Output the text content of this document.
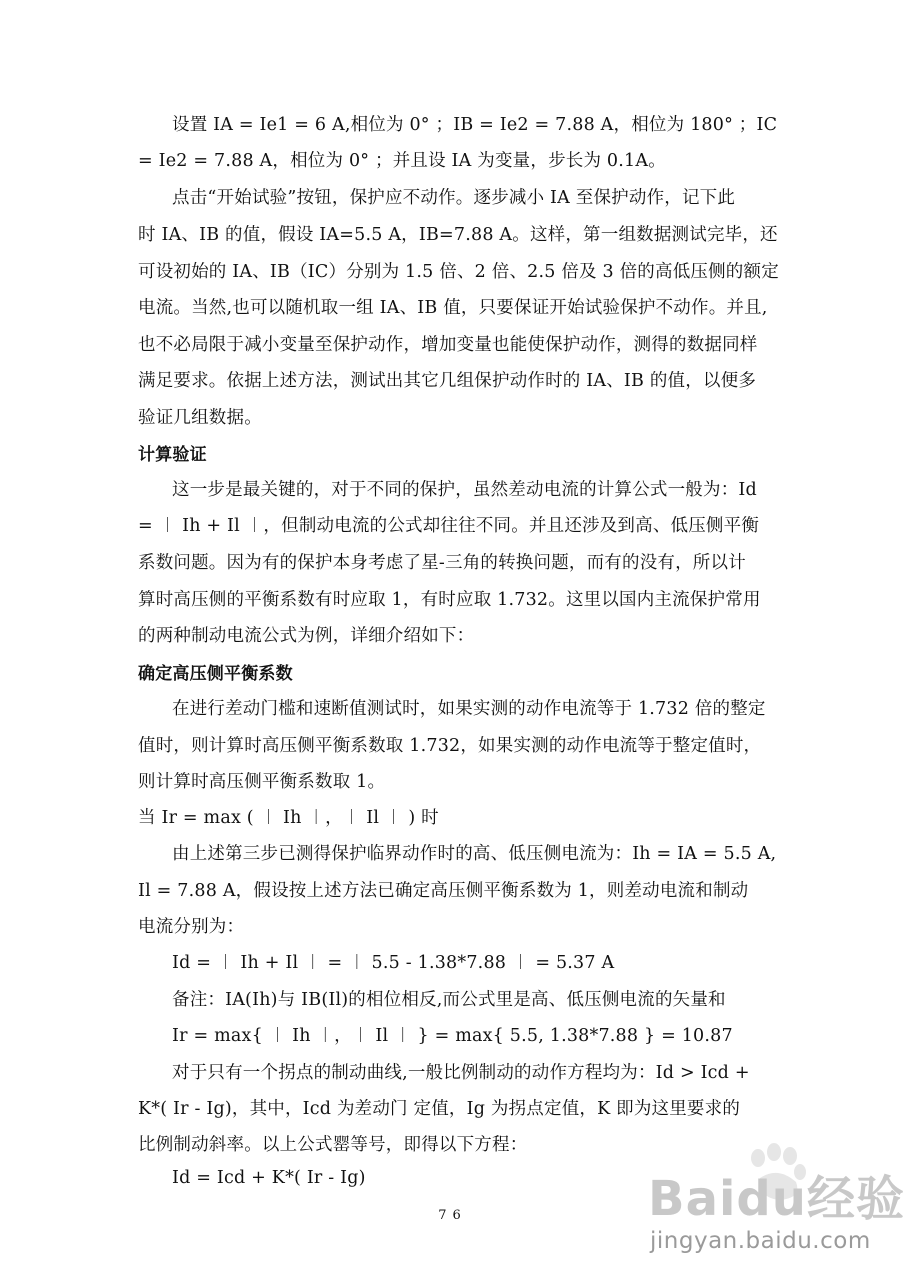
设置 IA = Ie1 = 6 A,相位为 0° ；IB = Ie2 = 7.88 A，相位为 180° ；IC
= Ie2 = 7.88 A，相位为 0° ；并且设 IA 为变量，步长为 0.1A。
点击“开始试验”按钮，保护应不动作。逐步减小 IA 至保护动作，记下此
时 IA、IB 的值，假设 IA=5.5 A，IB=7.88 A。这样，第一组数据测试完毕，还
可设初始的 IA、IB（IC）分别为 1.5 倍、2 倍、2.5 倍及 3 倍的高低压侧的额定
电流。当然,也可以随机取一组 IA、IB 值，只要保证开始试验保护不动作。并且,
也不必局限于减小变量至保护动作，增加变量也能使保护动作，测得的数据同样
满足要求。依据上述方法，测试出其它几组保护动作时的 IA、IB 的值，以便多
验证几组数据。
计算验证
这一步是最关键的，对于不同的保护，虽然差动电流的计算公式一般为：Id
= ︱ Ih + Il ︱，但制动电流的公式却往往不同。并且还涉及到高、低压侧平衡
系数问题。因为有的保护本身考虑了星-三角的转换问题，而有的没有，所以计
算时高压侧的平衡系数有时应取 1，有时应取 1.732。这里以国内主流保护常用
的两种制动电流公式为例，详细介绍如下：
确定高压侧平衡系数
在进行差动门槛和速断值测试时，如果实测的动作电流等于 1.732 倍的整定
值时，则计算时高压侧平衡系数取 1.732，如果实测的动作电流等于整定值时，
则计算时高压侧平衡系数取 1。
当 Ir = max ( ︱ Ih ︱，︱ Il ︱ ) 时
由上述第三步已测得保护临界动作时的高、低压侧电流为：Ih = IA = 5.5 A,
Il = 7.88 A，假设按上述方法已确定高压侧平衡系数为 1，则差动电流和制动
电流分别为：
Id = ︱ Ih + Il ︱ = ︱ 5.5 - 1.38*7.88 ︱ = 5.37 A
备注：IA(Ih)与 IB(Il)的相位相反,而公式里是高、低压侧电流的矢量和
Ir = max{ ︱ Ih ︱，︱ Il ︱ } = max{ 5.5, 1.38*7.88 } = 10.87
对于只有一个拐点的制动曲线,一般比例制动的动作方程均为：Id > Icd +
K*( Ir - Ig)，其中，Icd 为差动门 定值，Ig 为拐点定值，K 即为这里要求的
比例制动斜率。以上公式罂等号，即得以下方程：
Id = Icd + K*( Ir - Ig)
76	Baidu经验
jingyan.baidu.com
